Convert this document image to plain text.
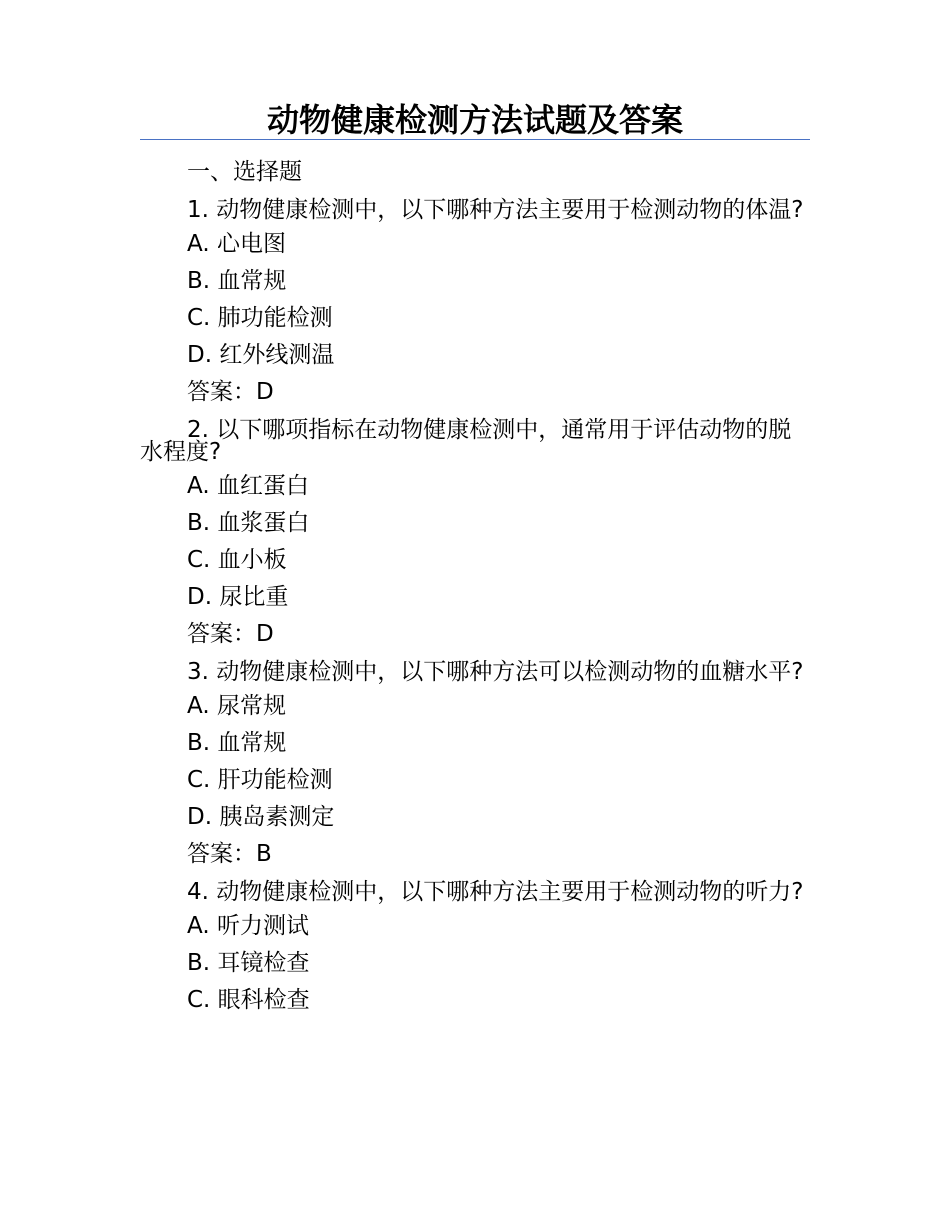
动物健康检测方法试题及答案
一、选择题
1. 动物健康检测中，以下哪种方法主要用于检测动物的体温?
A. 心电图
B. 血常规
C. 肺功能检测
D. 红外线测温
答案：D
2. 以下哪项指标在动物健康检测中，通常用于评估动物的脱水程度?
A. 血红蛋白
B. 血浆蛋白
C. 血小板
D. 尿比重
答案：D
3. 动物健康检测中，以下哪种方法可以检测动物的血糖水平?
A. 尿常规
B. 血常规
C. 肝功能检测
D. 胰岛素测定
答案：B
4. 动物健康检测中，以下哪种方法主要用于检测动物的听力?
A. 听力测试
B. 耳镜检查
C. 眼科检查
